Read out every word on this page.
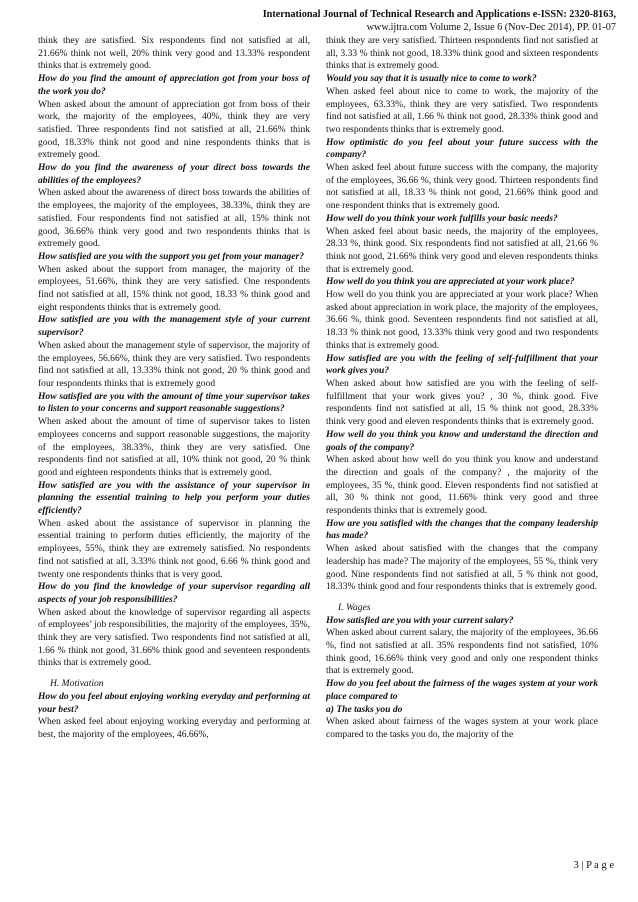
International Journal of Technical Research and Applications e-ISSN: 2320-8163,
www.ijtra.com Volume 2, Issue 6 (Nov-Dec 2014), PP. 01-07

think they are satisfied. Six respondents find not satisfied at all, 21.66% think not well, 20% think very good and 13.33% respondent thinks that is extremely good.

How do you find the amount of appreciation got from your boss of the work you do?

When asked about the amount of appreciation got from boss of their work, the majority of the employees, 40%, think they are very satisfied. Three respondents find not satisfied at all, 21.66% think good, 18.33% think not good and nine respondents thinks that is extremely good.

How do you find the awareness of your direct boss towards the abilities of the employees?

When asked about the awareness of direct boss towards the abilities of the employees, the majority of the employees, 38.33%, think they are satisfied. Four respondents find not satisfied at all, 15% think not good, 36.66% think very good and two respondents thinks that is extremely good.

How satisfied are you with the support you get from your manager?

When asked about the support from manager, the majority of the employees, 51.66%, think they are very satisfied. One respondents find not satisfied at all, 15% think not good, 18.33 % think good and eight respondents thinks that is extremely good.

How satisfied are you with the management style of your current supervisor?

When asked about the management style of supervisor, the majority of the employees, 56.66%, think they are very satisfied. Two respondents find not satisfied at all, 13.33% think not good, 20 % think good and four respondents thinks that is extremely good

How satisfied are you with the amount of time your supervisor takes to listen to your concerns and support reasonable suggestions?

When asked about the amount of time of supervisor takes to listen employees concerns and support reasonable suggestions, the majority of the employees, 38.33%, think they are very satisfied. One respondents find not satisfied at all, 10% think not good, 20 % think good and eighteen respondents thinks that is extremely good.

How satisfied are you with the assistance of your supervisor in planning the essential training to help you perform your duties efficiently?

When asked about the assistance of supervisor in planning the essential training to perform duties efficiently, the majority of the employees, 55%, think they are extremely satisfied. No respondents find not satisfied at all, 3.33% think not good, 6.66 % think good and twenty one respondents thinks that is very good.

How do you find the knowledge of your supervisor regarding all aspects of your job responsibilities?

When asked about the knowledge of supervisor regarding all aspects of employees’ job responsibilities, the majority of the employees, 35%, think they are very satisfied. Two respondents find not satisfied at all, 1.66 % think not good, 31.66% think good and seventeen respondents thinks that is extremely good.

H. Motivation

How do you feel about enjoying working everyday and performing at your best?

When asked feel about enjoying working everyday and performing at best, the majority of the employees, 46.66%,

think they are very satisfied. Thirteen respondents find not satisfied at all, 3.33 % think not good, 18.33% think good and sixteen respondents thinks that is extremely good.

Would you say that it is usually nice to come to work?

When asked feel about nice to come to work, the majority of the employees, 63.33%, think they are very satisfied. Two respondents find not satisfied at all, 1.66 % think not good, 28.33% think good and two respondents thinks that is extremely good.

How optimistic do you feel about your future success with the company?

When asked feel about future success with the company, the majority of the employees, 36.66 %, think very good. Thirteen respondents find not satisfied at all, 18.33 % think not good, 21.66% think good and one respondent thinks that is extremely good.

How well do you think your work fulfills your basic needs?

When asked feel about basic needs, the majority of the employees, 28.33 %, think good. Six respondents find not satisfied at all, 21.66 % think not good, 21.66% think very good and eleven respondents thinks that is extremely good.

How well do you think you are appreciated at your work place?

How well do you think you are appreciated at your work place? When asked about appreciation in work place, the majority of the employees, 36.66 %, think good. Seventeen respondents find not satisfied at all, 18.33 % think not good, 13.33% think very good and two respondents thinks that is extremely good.

How satisfied are you with the feeling of self-fulfillment that your work gives you?

When asked about how satisfied are you with the feeling of self-fulfillment that your work gives you? , 30 %, think good. Five respondents find not satisfied at all, 15 % think not good, 28.33% think very good and eleven respondents thinks that is extremely good.

How well do you think you know and understand the direction and goals of the company?

When asked about how well do you think you know and understand the direction and goals of the company? , the majority of the employees, 35 %, think good. Eleven respondents find not satisfied at all, 30 % think not good, 11.66% think very good and three respondents thinks that is extremely good.

How are you satisfied with the changes that the company leadership has made?

When asked about satisfied with the changes that the company leadership has made? The majority of the employees, 55 %, think very good. Nine respondents find not satisfied at all, 5 % think not good, 18.33% think good and four respondents thinks that is extremely good.

I. Wages

How satisfied are you with your current salary?

When asked about current salary, the majority of the employees, 36.66 %, find not satisfied at all. 35% respondents find not satisfied, 10% think good, 16.66% think very good and only one respondent thinks that is extremely good.

How do you feel about the fairness of the wages system at your work place compared to

a) The tasks you do

When asked about fairness of the wages system at your work place compared to the tasks you do, the majority of the

3 | P a g e
